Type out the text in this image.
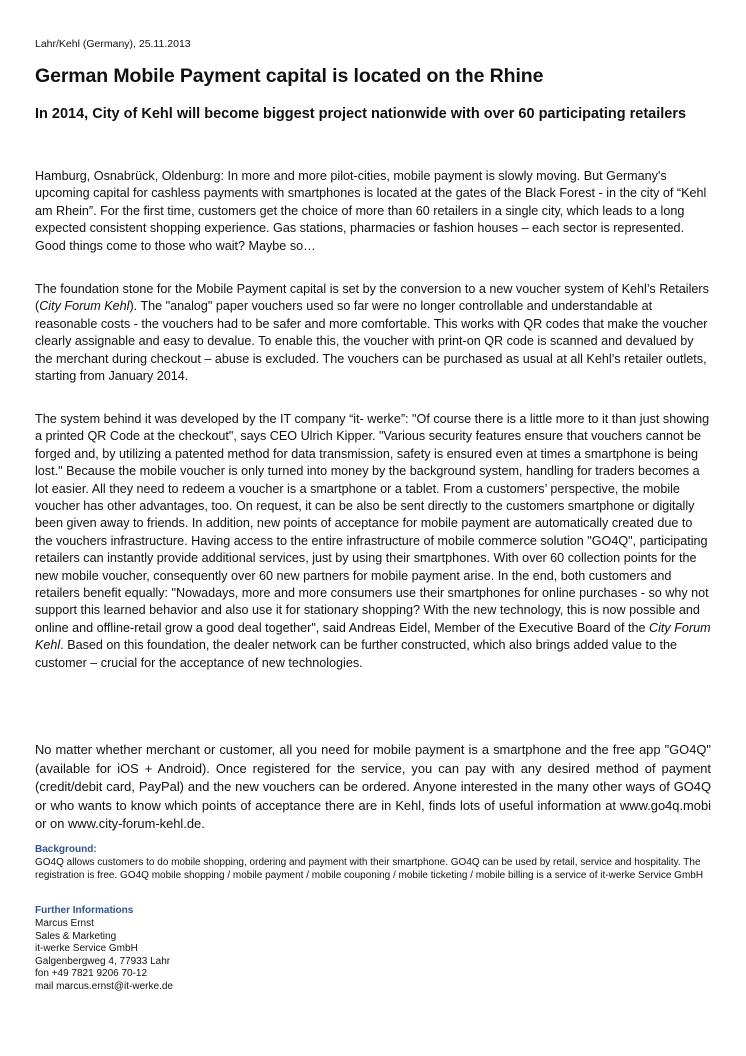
Lahr/Kehl (Germany), 25.11.2013
German Mobile Payment capital is located on the Rhine
In 2014, City of Kehl will become biggest project nationwide with over 60 participating retailers

Hamburg, Osnabrück, Oldenburg: In more and more pilot-cities, mobile payment is slowly moving. But Germany's upcoming capital for cashless payments with smartphones is located at the gates of the Black Forest - in the city of “Kehl am Rhein”. For the first time, customers get the choice of more than 60 retailers in a single city, which leads to a long expected consistent shopping experience. Gas stations, pharmacies or fashion houses – each sector is represented. Good things come to those who wait? Maybe so…

The foundation stone for the Mobile Payment capital is set by the conversion to a new voucher system of Kehl’s Retailers (City Forum Kehl). The "analog" paper vouchers used so far were no longer controllable and understandable at reasonable costs - the vouchers had to be safer and more comfortable. This works with QR codes that make the voucher clearly assignable and easy to devalue. To enable this, the voucher with print-on QR code is scanned and devalued by the merchant during checkout – abuse is excluded. The vouchers can be purchased as usual at all Kehl’s retailer outlets, starting from January 2014.

The system behind it was developed by the IT company “it- werke”: "Of course there is a little more to it than just showing a printed QR Code at the checkout", says CEO Ulrich Kipper. "Various security features ensure that vouchers cannot be forged and, by utilizing a patented method for data transmission, safety is ensured even at times a smartphone is being lost." Because the mobile voucher is only turned into money by the background system, handling for traders becomes a lot easier. All they need to redeem a voucher is a smartphone or a tablet. From a customers’ perspective, the mobile voucher has other advantages, too. On request, it can be also be sent directly to the customers smartphone or digitally been given away to friends. In addition, new points of acceptance for mobile payment are automatically created due to the vouchers infrastructure. Having access to the entire infrastructure of mobile commerce solution "GO4Q", participating retailers can instantly provide additional services, just by using their smartphones. With over 60 collection points for the new mobile voucher, consequently over 60 new partners for mobile payment arise. In the end, both customers and retailers benefit equally: "Nowadays, more and more consumers use their smartphones for online purchases - so why not support this learned behavior and also use it for stationary shopping? With the new technology, this is now possible and online and offline-retail grow a good deal together", said Andreas Eidel, Member of the Executive Board of the City Forum Kehl. Based on this foundation, the dealer network can be further constructed, which also brings added value to the customer – crucial for the acceptance of new technologies.

No matter whether merchant or customer, all you need for mobile payment is a smartphone and the free app "GO4Q" (available for iOS + Android). Once registered for the service, you can pay with any desired method of payment (credit/debit card, PayPal) and the new vouchers can be ordered. Anyone interested in the many other ways of GO4Q or who wants to know which points of acceptance there are in Kehl, finds lots of useful information at www.go4q.mobi or on www.city-forum-kehl.de.

Background:

GO4Q allows customers to do mobile shopping, ordering and payment with their smartphone. GO4Q can be used by retail, service and hospitality. The registration is free. GO4Q mobile shopping / mobile payment / mobile couponing / mobile ticketing / mobile billing is a service of it-werke Service GmbH

Further Informations
Marcus Ernst
Sales & Marketing
it-werke Service GmbH
Galgenbergweg 4, 77933 Lahr
fon +49 7821 9206 70-12
mail marcus.ernst@it-werke.de
